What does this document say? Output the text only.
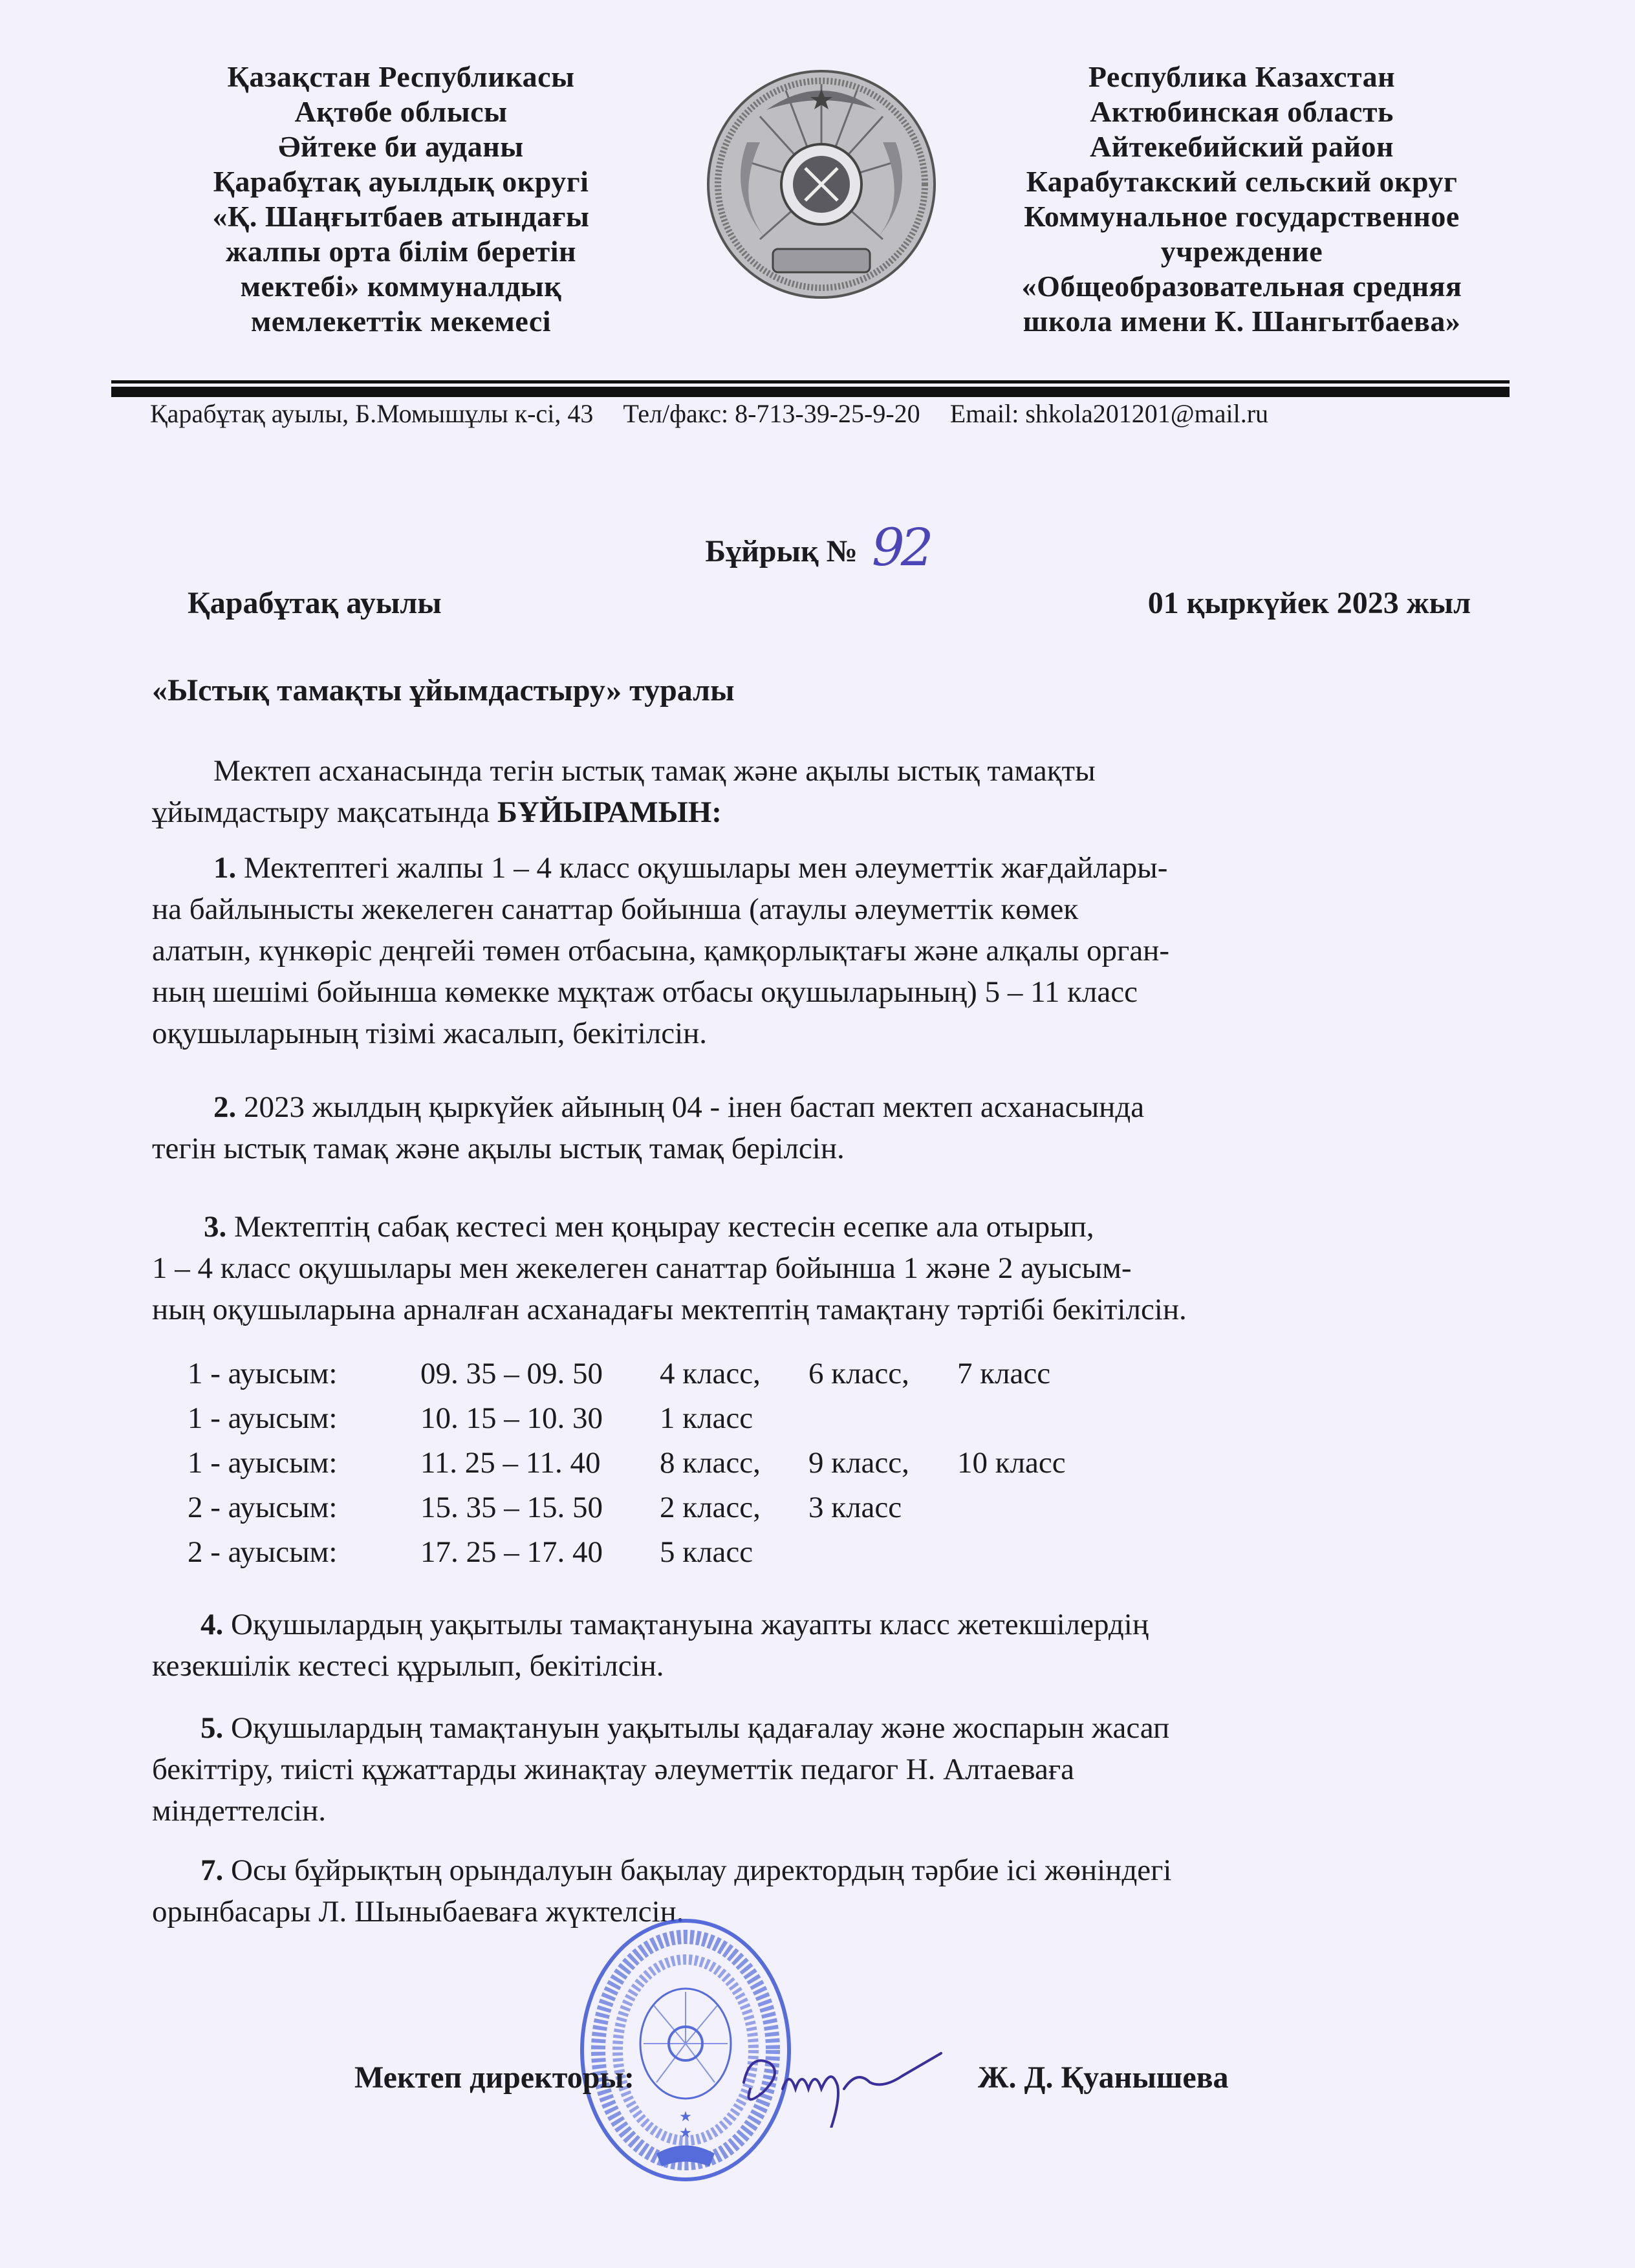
Қазақстан Республикасы
Ақтөбе облысы
Әйтеке би ауданы
Қарабұтақ ауылдық округі
«Қ. Шаңғытбаев атындағы
жалпы орта білім беретін
мектебі» коммуналдық
мемлекеттік мекемесі
Республика Казахстан
Актюбинская область
Айтекебийский район
Карабутакский сельский округ
Коммунальное государственное
учреждение
«Общеобразовательная средняя
школа имени К. Шангытбаева»
Қарабұтақ ауылы, Б.Момышұлы к-сі, 43 Тел/факс: 8-713-39-25-9-20 Email: shkola201201@mail.ru
Бұйрық № 92
Қарабұтақ ауылы	01 қыркүйек 2023 жыл
«Ыстық тамақты ұйымдастыру» туралы
Мектеп асханасында тегін ыстық тамақ және ақылы ыстық тамақты
ұйымдастыру мақсатында БҰЙЫРАМЫН:
1. Мектептегі жалпы 1 – 4 класс оқушылары мен әлеуметтік жағдайлары-
на байлынысты жекелеген санаттар бойынша (атаулы әлеуметтік көмек
алатын, күнкөріс деңгейі төмен отбасына, қамқорлықтағы және алқалы орган-
ның шешімі бойынша көмекке мұқтаж отбасы оқушыларының) 5 – 11 класс
оқушыларының тізімі жасалып, бекітілсін.
2. 2023 жылдың қыркүйек айының 04 - інен бастап мектеп асханасында
тегін ыстық тамақ және ақылы ыстық тамақ берілсін.
3. Мектептің сабақ кестесі мен қоңырау кестесін есепке ала отырып,
1 – 4 класс оқушылары мен жекелеген санаттар бойынша 1 және 2 ауысым-
ның оқушыларына арналған асханадағы мектептің тамақтану тәртібі бекітілсін.
1 - ауысым:	09. 35 – 09. 50	4 класс,	6 класс,	7 класс
1 - ауысым:	10. 15 – 10. 30	1 класс
1 - ауысым:	11. 25 – 11. 40	8 класс,	9 класс,	10 класс
2 - ауысым:	15. 35 – 15. 50	2 класс,	3 класс
2 - ауысым:	17. 25 – 17. 40	5 класс
4. Оқушылардың уақытылы тамақтануына жауапты класс жетекшілердің
кезекшілік кестесі құрылып, бекітілсін.
5. Оқушылардың тамақтануын уақытылы қадағалау және жоспарын жасап
бекіттіру, тиісті құжаттарды жинақтау әлеуметтік педагог Н. Алтаеваға
міндеттелсін.
7. Осы бұйрықтың орындалуын бақылау директордың тәрбие ісі жөніндегі
орынбасары Л. Шыныбаеваға жүктелсін.
★
★
Мектеп директоры:	Ж. Д. Қуанышева
